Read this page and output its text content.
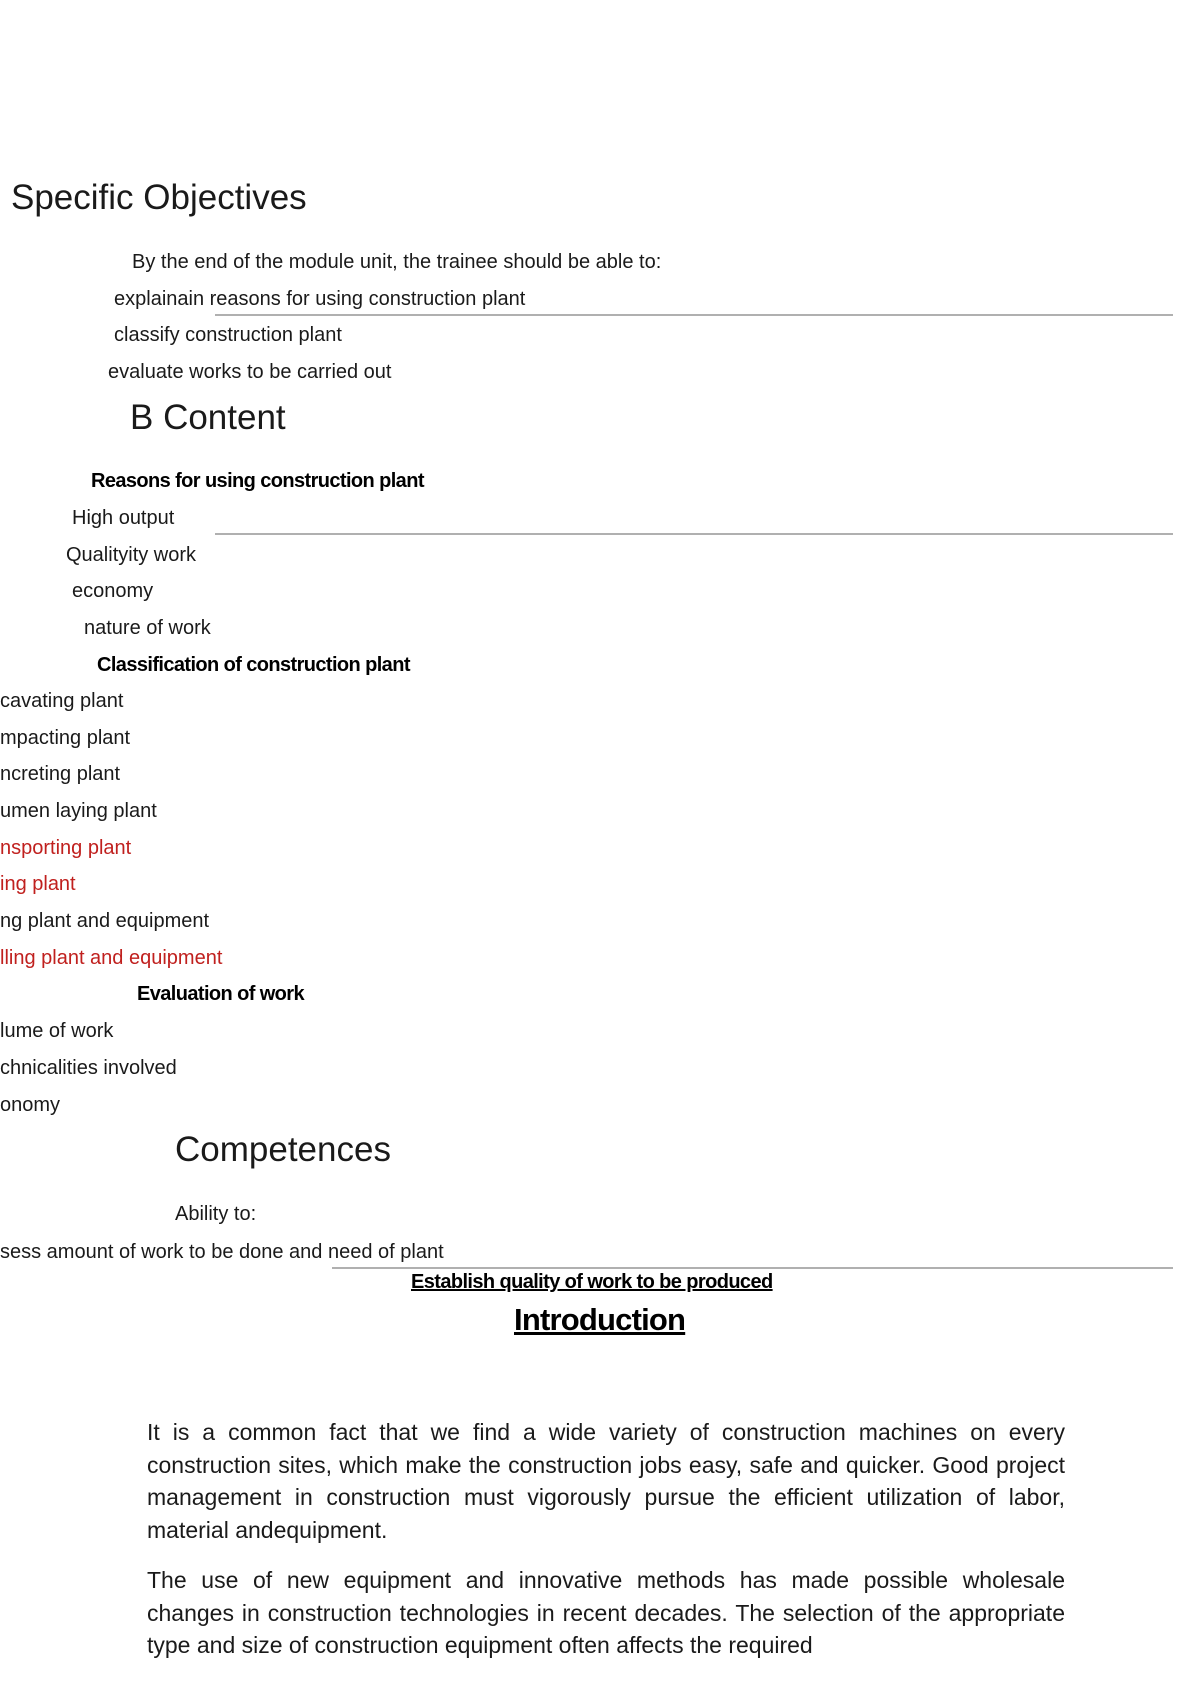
Specific Objectives
By the end of the module unit, the trainee should be able to:
explainain reasons for using construction plant
classify construction plant
evaluate works to be carried out
B Content
Reasons for using construction plant
High output
Qualityity work
economy
nature of work
Classification of construction plant
cavating plant
mpacting plant
ncreting plant
umen laying plant
nsporting plant
ing plant
ng plant and equipment
lling plant and equipment
Evaluation of work
lume of work
chnicalities involved
onomy
Competences
Ability to:
sess amount of work to be done and need of plant
Establish quality of work to be produced
Introduction

It is a common fact that we find a wide variety of construction machines on every construction sites, which make the construction jobs easy, safe and quicker. Good project management in construction must vigorously pursue the efficient utilization of labor, material andequipment.

The use of new equipment and innovative methods has made possible wholesale changes in construction technologies in recent decades. The selection of the appropriate type and size of construction equipment often affects the required
